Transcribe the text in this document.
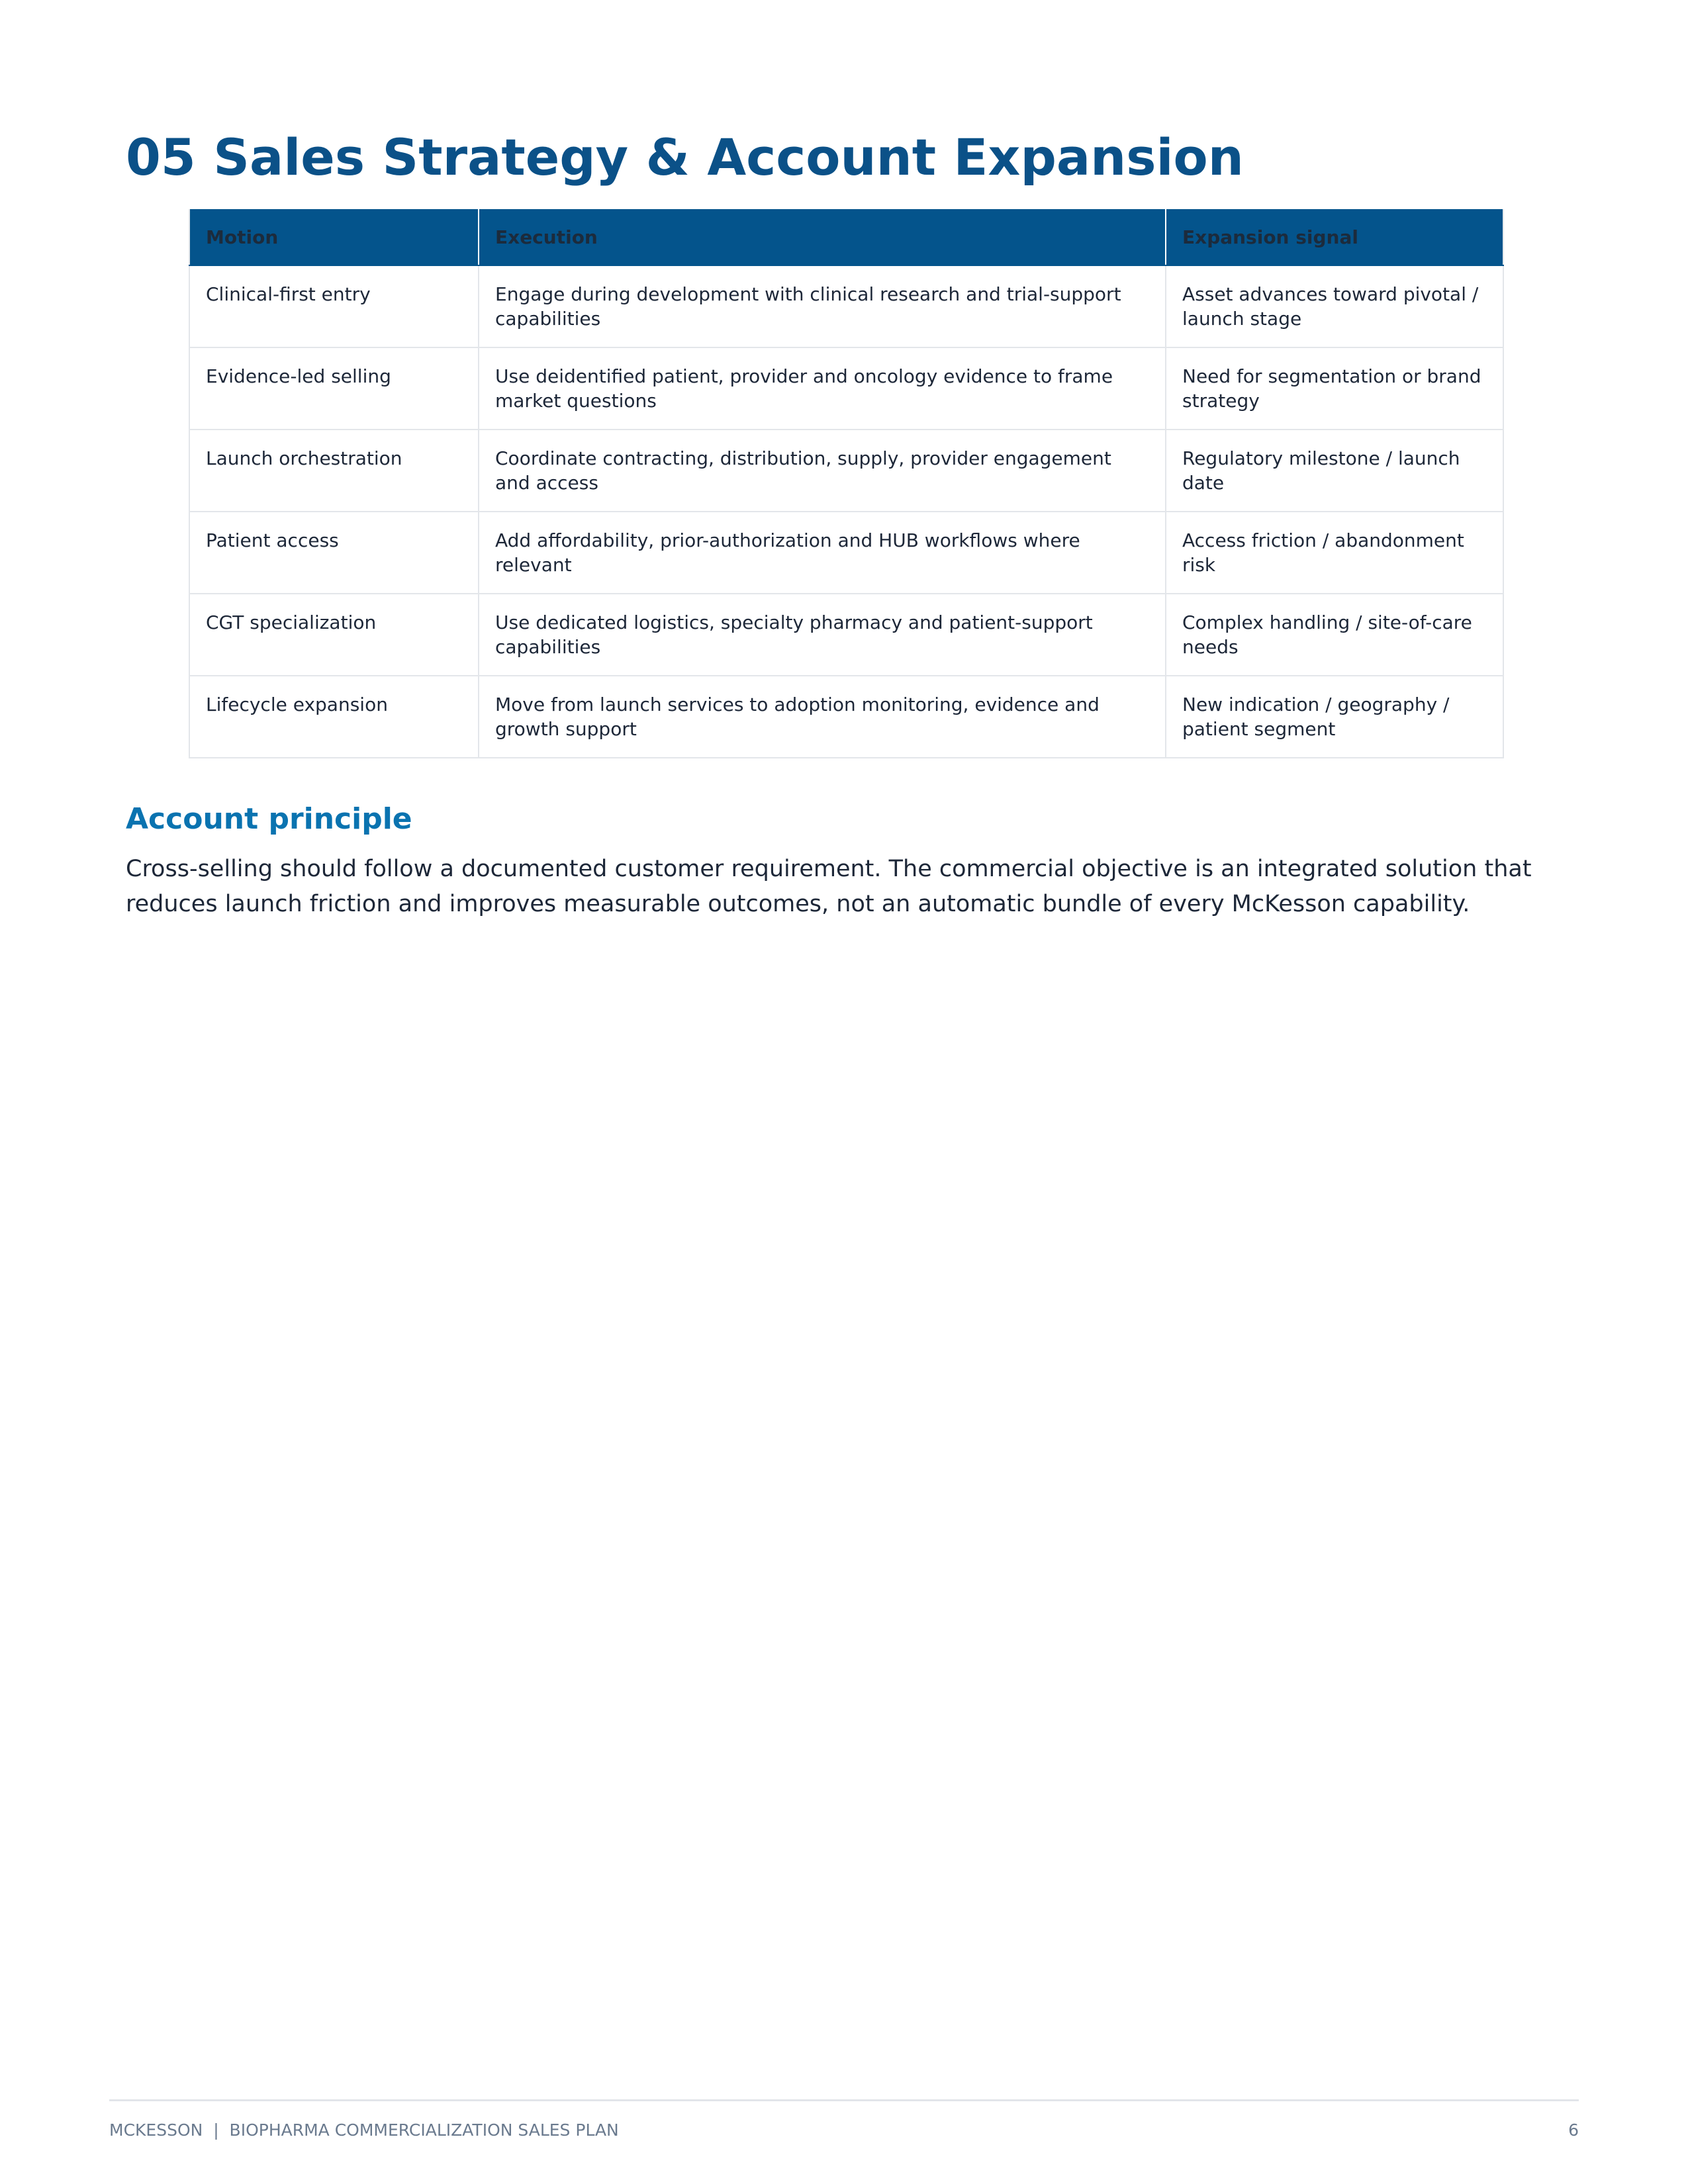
05 Sales Strategy & Account Expansion
Motion	Execution	Expansion signal
Clinical-first entry	Engage during development with clinical research and trial-support capabilities	Asset advances toward pivotal / launch stage
Evidence-led selling	Use deidentified patient, provider and oncology evidence to frame market questions	Need for segmentation or brand strategy
Launch orchestration	Coordinate contracting, distribution, supply, provider engagement and access	Regulatory milestone / launch date
Patient access	Add affordability, prior-authorization and HUB workflows where relevant	Access friction / abandonment risk
CGT specialization	Use dedicated logistics, specialty pharmacy and patient-support capabilities	Complex handling / site-of-care needs
Lifecycle expansion	Move from launch services to adoption monitoring, evidence and growth support	New indication / geography / patient segment
Account principle

Cross-selling should follow a documented customer requirement. The commercial objective is an integrated solution that reduces launch friction and improves measurable outcomes, not an automatic bundle of every McKesson capability.

MCKESSON  |  BIOPHARMA COMMERCIALIZATION SALES PLAN	6
